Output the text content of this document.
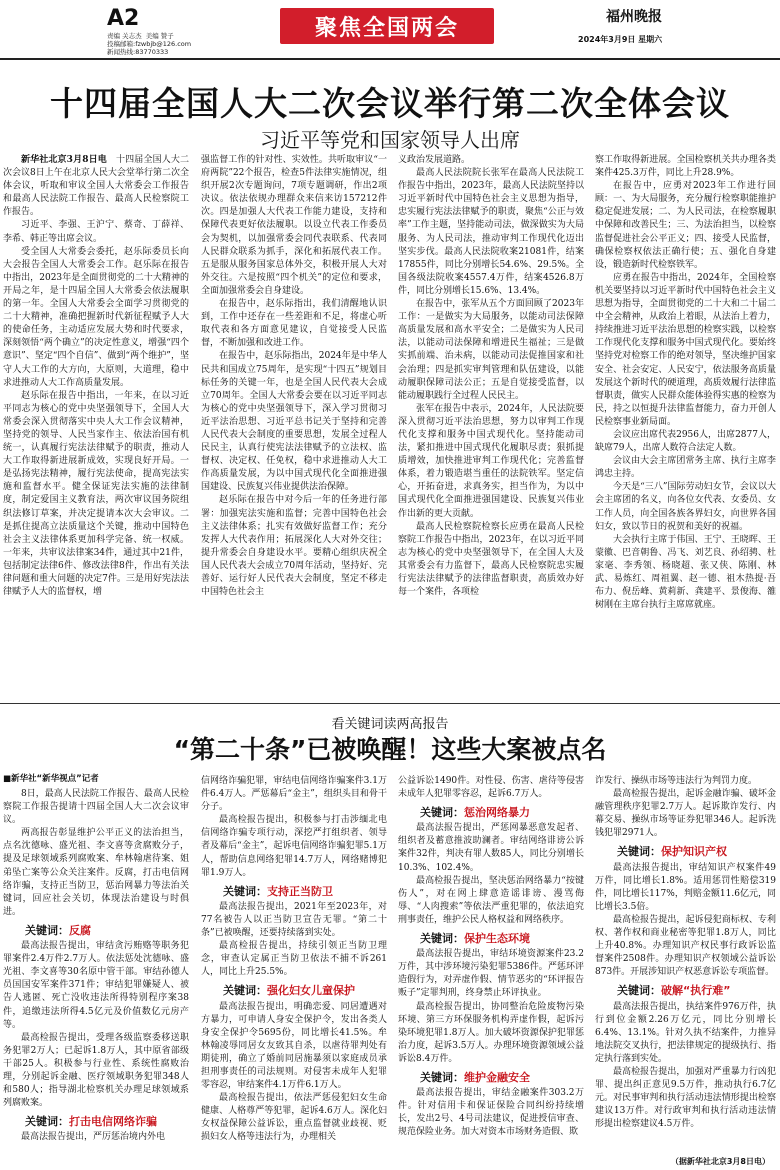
A2
责编 关志杰  美编 赞子
投稿邮箱:fzwbjb@126.com
新闻热线:83770333
聚焦全国两会	福州晚报
2024年3月9日 星期六
十四届全国人大二次会议举行第二次全体会议
习近平等党和国家领导人出席

新华社北京3月8日电　十四届全国人大二次会议8日上午在北京人民大会堂举行第二次全体会议，听取和审议全国人大常委会工作报告和最高人民法院工作报告、最高人民检察院工作报告。

习近平、李强、王沪宁、蔡奇、丁薛祥、李希、韩正等出席会议。

受全国人大常委会委托，赵乐际委员长向大会报告全国人大常委会工作。赵乐际在报告中指出，2023年是全面贯彻党的二十大精神的开局之年，是十四届全国人大常委会依法履职的第一年。全国人大常委会全面学习贯彻党的二十大精神，准确把握新时代新征程赋予人大的使命任务，主动适应发展大势和时代要求，深刻领悟“两个确立”的决定性意义，增强“四个意识”、坚定“四个自信”、做到“两个维护”，坚守人大工作的大方向，大原则，大道理，稳中求进推动人大工作高质量发展。

赵乐际在报告中指出，一年来，在以习近平同志为核心的党中央坚强领导下，全国人大常委会深入贯彻落实中央人大工作会议精神，坚持党的领导、人民当家作主、依法治国有机统一，认真履行宪法法律赋予的职责，推动人大工作取得新进展新成效，实现良好开局。一是弘扬宪法精神，履行宪法使命，提高宪法实施和监督水平。健全保证宪法实施的法律制度，制定爱国主义教育法，两次审议国务院组织法修订草案，并决定提请本次大会审议。二是抓住提高立法质量这个关键，推动中国特色社会主义法律体系更加科学完备、统一权威。一年来，共审议法律案34件，通过其中21件，包括制定法律6件、修改法律8件，作出有关法律问题和重大问题的决定7件。三是用好宪法法律赋予人大的监督权，增

强监督工作的针对性、实效性。共听取审议“一府两院”22个报告，检查5件法律实施情况，组织开展2次专题询问，7项专题调研，作出2项决议。依法依规办理群众来信来访157212件次。四是加强人大代表工作能力建设，支持和保障代表更好依法履职。以设立代表工作委员会为契机，以加强常委会同代表联系、代表同人民群众联系为抓手，深化和拓展代表工作。五是服从服务国家总体外交，积极开展人大对外交往。六是按照“四个机关”的定位和要求，全面加强常委会自身建设。

在报告中，赵乐际指出，我们清醒地认识到，工作中还存在一些差距和不足，将虚心听取代表和各方面意见建议，自觉接受人民监督，不断加强和改进工作。

在报告中，赵乐际指出，2024年是中华人民共和国成立75周年，是实现“十四五”规划目标任务的关键一年，也是全国人民代表大会成立70周年。全国人大常委会要在以习近平同志为核心的党中央坚强领导下，深入学习贯彻习近平法治思想、习近平总书记关于坚持和完善人民代表大会制度的重要思想，发展全过程人民民主，认真行使宪法法律赋予的立法权、监督权、决定权、任免权，稳中求进推动人大工作高质量发展，为以中国式现代化全面推进强国建设、民族复兴伟业提供法治保障。

赵乐际在报告中对今后一年的任务进行部署：加强宪法实施和监督；完善中国特色社会主义法律体系；扎实有效做好监督工作；充分发挥人大代表作用；拓展深化人大对外交往；提升常委会自身建设水平。要精心组织庆祝全国人民代表大会成立70周年活动，坚持好、完善好、运行好人民代表大会制度，坚定不移走中国特色社会主

义政治发展道路。

最高人民法院院长张军在最高人民法院工作报告中指出，2023年，最高人民法院坚持以习近平新时代中国特色社会主义思想为指导，忠实履行宪法法律赋予的职责，聚焦“公正与效率”工作主题，坚持能动司法，做深做实为大局服务、为人民司法，推动审判工作现代化迈出坚实步伐。最高人民法院收案21081件，结案17855件，同比分别增长54.6%、29.5%。全国各级法院收案4557.4万件，结案4526.8万件，同比分别增长15.6%、13.4%。

在报告中，张军从五个方面回顾了2023年工作：一是做实为大局服务，以能动司法保障高质量发展和高水平安全；二是做实为人民司法，以能动司法保障和增进民生福祉；三是做实抓前端、治未病，以能动司法促推国家和社会治理；四是抓实审判管理和队伍建设，以能动履职保障司法公正；五是自觉接受监督，以能动履职践行全过程人民民主。

张军在报告中表示，2024年，人民法院要深入贯彻习近平法治思想，努力以审判工作现代化支撑和服务中国式现代化。坚持能动司法，紧扣推进中国式现代化履职尽责；狠抓提质增效，加快推进审判工作现代化；完善监督体系，着力锻造堪当重任的法院铁军。坚定信心，开拓奋进，求真务实，担当作为，为以中国式现代化全面推进强国建设、民族复兴伟业作出新的更大贡献。

最高人民检察院检察长应勇在最高人民检察院工作报告中指出，2023年，在以习近平同志为核心的党中央坚强领导下，在全国人大及其常委会有力监督下，最高人民检察院忠实履行宪法法律赋予的法律监督职责，高质效办好每一个案件，各项检

察工作取得新进展。全国检察机关共办理各类案件425.3万件，同比上升28.9%。

在报告中，应勇对2023年工作进行回顾：一、为大局服务，充分履行检察职能推护稳定促进发展；二、为人民司法，在检察履职中保障和改善民生；三、为法治担当，以检察监督促进社会公平正义；四、接受人民监督，确保检察权依法正确行使；五、强化自身建设，锻造新时代检察铁军。

应勇在报告中指出，2024年，全国检察机关要坚持以习近平新时代中国特色社会主义思想为指导，全面贯彻党的二十大和二十届二中全会精神，从政治上着眼，从法治上着力，持续推进习近平法治思想的检察实践，以检察工作现代化支撑和服务中国式现代化。要始终坚持党对检察工作的绝对领导，坚决维护国家安全、社会安定、人民安宁，依法服务高质量发展这个新时代的硬道理，高质效履行法律监督职责，做实人民群众能体验得实惠的检察为民，持之以恒提升法律监督能力，奋力开创人民检察事业新局面。

会议应出席代表2956人，出席2877人，缺席79人，出席人数符合法定人数。

会议由大会主席团常务主席、执行主席李鸿忠主持。

今天是“三八”国际劳动妇女节，会议以大会主席团的名义，向各位女代表、女委员、女工作人员，向全国各族各界妇女，向世界各国妇女，致以节日的祝贺和美好的祝福。

大会执行主席于伟国、王宁、王晓晖、王蒙徽、巴音朝鲁、冯飞、刘艺良、孙绍骋、杜家毫、李秀领、杨晓超、张又侠、陈刚、林武、易炼红、周祖翼、赵一德、祖木热提·吾布力、倪岳峰、黄莉新、龚建平、景俊海、雒树刚在主席台执行主席席就座。

看关键词读两高报告
“第二十条”已被唤醒！这些大案被点名
■新华社“新华视点”记者

8日，最高人民法院工作报告、最高人民检察院工作报告提请十四届全国人大二次会议审议。

两高报告彰显维护公平正义的法治担当，点名沈德咏、盛光祖、李文喜等贪腐败分子，提及足球领域系列腐败案、牟林翰虐待案、姐弟坠亡案等公众关注案件。反腐，打击电信网络诈骗，支持正当防卫，惩治网暴力等法治关键词，回应社会关切，体现法治建设与时俱进。

关键词：反腐

最高法报告提出，审结贪污贿赂等职务犯罪案件2.4万件2.7万人。依法惩处沈德咏、盛光祖、李文喜等30名原中管干部。审结孙德人员国国安军案件371件；审结犯罪嫌疑人、被告人逃匿、死亡没收违法所得特别程序案38件，追缴违法所得4.5亿元及价值数亿元房产等。

最高检报告提出，受理各级监察委移送职务犯罪2万人；已起诉1.8万人，其中原省部级干部25人。积极参与行业性、系统性腐败治理，分别起诉金融、医疗领域职务犯罪348人和580人；指导湖北检察机关办理足球领域系列腐败案。

关键词：打击电信网络诈骗

最高法报告提出，严厉惩治境内外电

信网络诈骗犯罪，审结电信网络诈骗案件3.1万件6.4万人。严惩幕后“金主”，组织头目和骨干分子。

最高检报告提出，积极参与打击涉缅北电信网络诈骗专项行动，深挖严打组织者、领导者及幕后“金主”，起诉电信网络诈骗犯罪5.1万人，帮助信息网络犯罪14.7万人，网络赌博犯罪1.9万人。

关键词：支持正当防卫

最高法报告提出，2021年至2023年，对77名被告人以正当防卫宣告无罪。“第二十条”已被唤醒，还要持续落到实处。

最高检报告提出，持续引领正当防卫理念，审查认定属正当防卫依法不捕不诉261人，同比上升25.5%。

关键词：强化妇女儿童保护

最高法报告提出，明确恋爱、同居遭遇对方暴力，可申请人身安全保护令，发出各类人身安全保护令5695份，同比增长41.5%。牟林翰凌辱同居女友致其自杀，以虐待罪判处有期徒刑，确立了婚前同居施暴须以家庭成员承担刑事责任的司法规则。对侵害未成年人犯罪零容忍，审结案件4.1万件6.1万人。

最高检报告提出，依法严惩侵犯妇女生命健康、人格尊严等犯罪，起诉4.6万人。深化妇女权益保障公益诉讼，重点监督就业歧视、贬损妇女人格等违法行为，办理相关

公益诉讼1490件。对性侵、伤害、虐待等侵害未成年人犯罪零容忍，起诉6.7万人。

关键词：惩治网络暴力

最高法报告提出，严惩网暴恶意发起者、组织者及蓄意推波助澜者。审结网络诽谤公诉案件32件，判决有罪人数85人，同比分别增长10.3%、102.4%。

最高检报告提出，坚决惩治网络暴力“按键伤人”，对在网上肆意造谣诽谤、漫骂侮辱、“人肉搜索”等依法严重犯罪的，依法追究刑事责任，维护公民人格权益和网络秩序。

关键词：保护生态环境

最高法报告提出，审结环境资源案件23.2万件，其中涉环境污染犯罪5386件。严惩环评造假行为，对弄虚作假、情节恶劣的“环评报告贩子”定罪判刑，终身禁止环评执业。

最高检报告提出，协同整治危险废物污染环境、第三方环保服务机构弄虚作假，起诉污染环境犯罪1.8万人。加大破坏资源保护犯罪惩治力度，起诉3.5万人。办理环境资源领域公益诉讼8.4万件。

关键词：维护金融安全

最高法报告提出，审结金融案件303.2万件。针对信用卡和保证保险合同纠纷持续增长，发出2号、4号司法建议，促进授信审查、规范保险业务。加大对资本市场财务造假、欺

诈发行、操纵市场等违法行为判罚力度。

最高检报告提出，起诉金融诈骗、破坏金融管理秩序犯罪2.7万人。起诉欺诈发行、内幕交易、操纵市场等证券犯罪346人。起诉洗钱犯罪2971人。

关键词：保护知识产权

最高法报告提出，审结知识产权案件49万件，同比增长1.8%。适用惩罚性赔偿319件，同比增长117%，判赔金额11.6亿元，同比增长3.5倍。

最高检报告提出，起诉侵犯商标权、专利权、著作权和商业秘密等犯罪1.8万人，同比上升40.8%。办理知识产权民事行政诉讼监督案件2508件。办理知识产权领域公益诉讼873件。开展涉知识产权恶意诉讼专项监督。

关键词：破解“执行难”

最高法报告提出，执结案件976万件，执行到位金额2.26万亿元，同比分别增长6.4%、13.1%。针对久执不结案件，力推异地法院交叉执行，把法律规定的提级执行、指定执行落到实处。

最高检报告提出，加强对严重暴力行凶犯罪、提出纠正意见9.5万件，推动执行6.7亿元。对民事审判和执行活动违法情形提出检察建议13万件。对行政审判和执行活动违法情形提出检察建议4.5万件。

（据新华社北京3月8日电）
